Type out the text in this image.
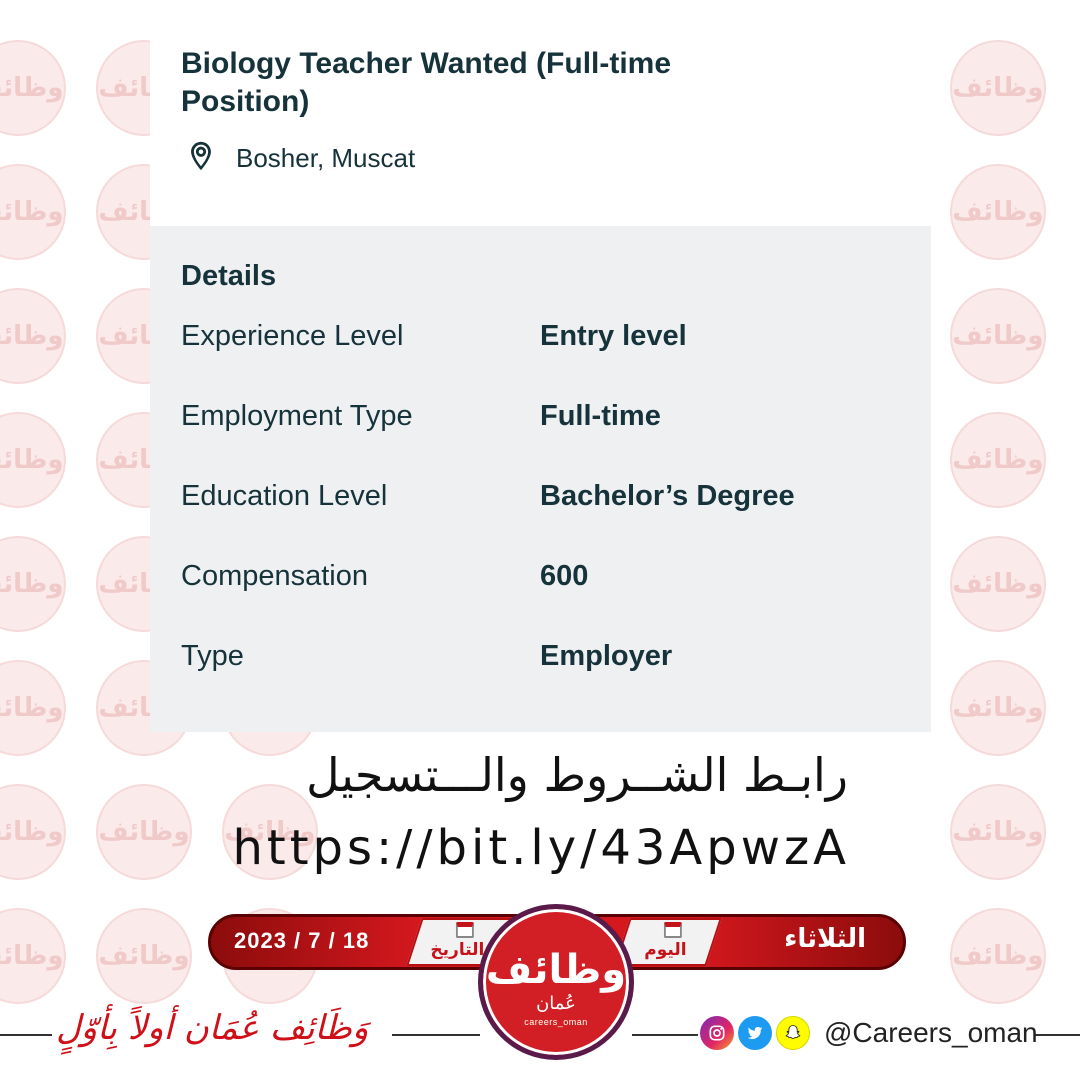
وظائف
وظائف
وظائف
وظائف
وظائف
وظائف
وظائف
وظائف
وظائف
وظائف
وظائف
وظائف
وظائف
وظائف
وظائف
وظائف
وظائف
وظائف
وظائف
وظائف
وظائف
وظائف
وظائف
وظائف
وظائف
وظائف
وظائف
وظائف
وظائف
وظائف
وظائف
وظائف
Biology Teacher Wanted (Full-time Position)
Bosher, Muscat
Details
Experience Level	Entry level
Employment Type	Full-time
Education Level	Bachelor’s Degree
Compensation	600
Type	Employer
رابـط الشــروط والـــتسجيل
https://bit.ly/43ApwzA
2023 / 7 / 18	التاريخ	اليوم	الثلاثاء
وظائف
عُمان
careers_oman
وَظَائِف عُمَان أولاً بِأوّلٍ	@Careers_oman
